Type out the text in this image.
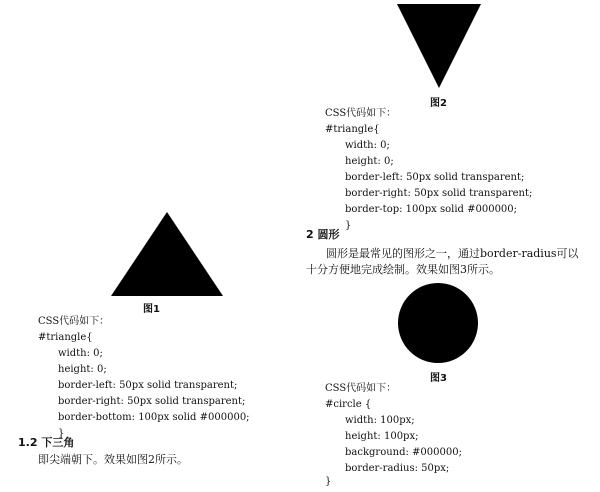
图1
CSS代码如下：
#triangle{
width: 0;
height: 0;
border-left: 50px solid transparent;
border-right: 50px solid transparent;
border-bottom: 100px solid #000000;
}
1.2 下三角
即尖端朝下。效果如图2所示。
图2
CSS代码如下：
#triangle{
width: 0;
height: 0;
border-left: 50px solid transparent;
border-right: 50px solid transparent;
border-top: 100px solid #000000;
}
2 圆形
圆形是最常见的图形之一，通过border-radius可以十分方便地完成绘制。效果如图3所示。
图3
CSS代码如下：
#circle {
width: 100px;
height: 100px;
background: #000000;
border-radius: 50px;
}
